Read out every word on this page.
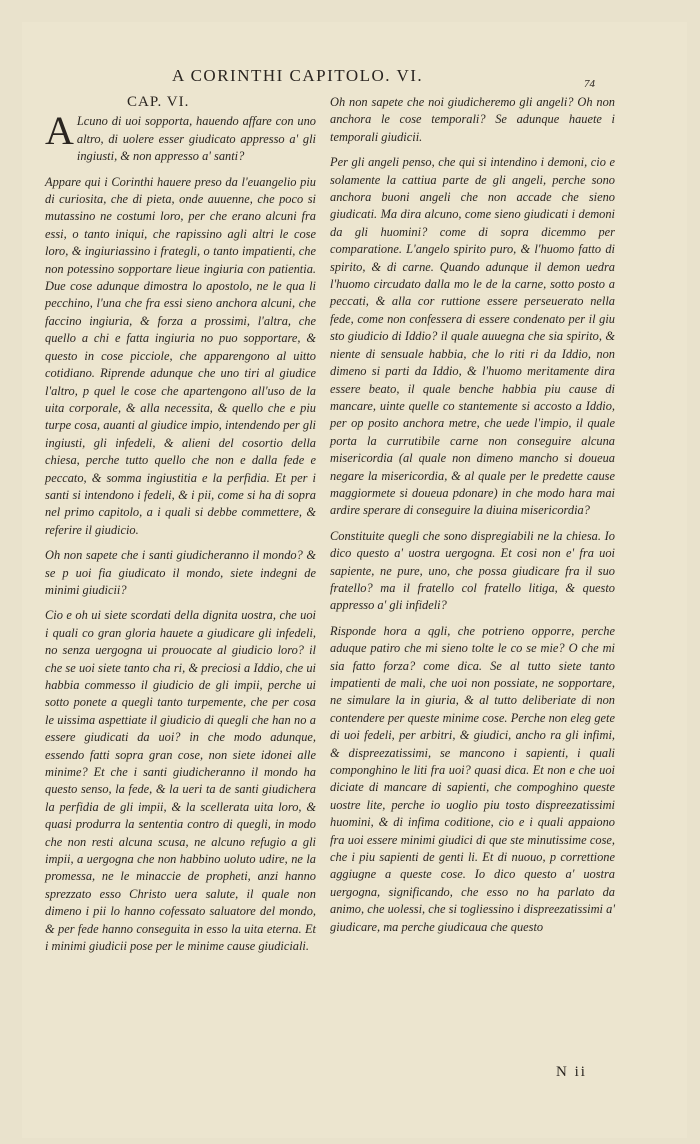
A CORINTHI CAPITOLO. VI.	74
CAP. VI.

A Lcuno di uoi sopporta, hauendo affare con uno altro, di uolere esser giudicato appresso a' gli ingiusti, & non appresso a' santi?

Appare qui i Corinthi hauere preso da l'euangelio piu di curiosita, che di pieta, onde auuenne, che poco si mutassino ne costumi loro, per che erano alcuni fra essi, o tanto iniqui, che rapissino agli altri le cose loro, & ingiuriassino i frategli, o tanto impatienti, che non potessino sopportare lieue ingiuria con patientia. Due cose adunque dimostra lo apostolo, ne le qua li pecchino, l'una che fra essi sieno anchora alcuni, che faccino ingiuria, & forza a prossimi, l'altra, che quello a chi e fatta ingiuria no puo sopportare, & questo in cose picciole, che apparengono al uitto cotidiano. Riprende adunque che uno tiri al giudice l'altro, p quel le cose che apartengono all'uso de la uita corporale, & alla necessita, & quello che e piu turpe cosa, auanti al giudice impio, intendendo per gli ingiusti, gli infedeli, & alieni del cosortio della chiesa, perche tutto quello che non e dalla fede e peccato, & somma ingiustitia e la perfidia. Et per i santi si intendono i fedeli, & i pii, come si ha di sopra nel primo capitolo, a i quali si debbe commettere, & referire il giudicio.

Oh non sapete che i santi giudicheranno il mondo? & se p uoi fia giudicato il mondo, siete indegni de minimi giudicii?

Cio e oh ui siete scordati della dignita uostra, che uoi i quali co gran gloria hauete a giudicare gli infedeli, no senza uergogna ui prouocate al giudicio loro? il che se uoi siete tanto cha ri, & preciosi a Iddio, che ui habbia commesso il giudicio de gli impii, perche ui sotto ponete a quegli tanto turpemente, che per cosa le uissima aspettiate il giudicio di quegli che han no a essere giudicati da uoi? in che modo adunque, essendo fatti sopra gran cose, non siete idonei alle minime? Et che i santi giudicheranno il mondo ha questo senso, la fede, & la ueri ta de santi giudichera la perfidia de gli impii, & la scellerata uita loro, & quasi produrra la sententia contro di quegli, in modo che non resti alcuna scusa, ne alcuno refugio a gli impii, a uergogna che non habbino uoluto udire, ne la promessa, ne le minaccie de propheti, anzi hanno sprezzato esso Christo uera salute, il quale non dimeno i pii lo hanno cofessato saluatore del mondo, & per fede hanno conseguita in esso la uita eterna. Et i minimi giudicii pose per le minime cause giudiciali.

Oh non sapete che noi giudicheremo gli angeli? Oh non anchora le cose temporali? Se adunque hauete i temporali giudicii.

Per gli angeli penso, che qui si intendino i demoni, cio e solamente la cattiua parte de gli angeli, perche sono anchora buoni angeli che non accade che sieno giudicati. Ma dira alcuno, come sieno giudicati i demoni da gli huomini? come di sopra dicemmo per comparatione. L'angelo spirito puro, & l'huomo fatto di spirito, & di carne. Quando adunque il demon uedra l'huomo circudato dalla mo le de la carne, sotto posto a peccati, & alla cor ruttione essere perseuerato nella fede, come non confessera di essere condenato per il giu sto giudicio di Iddio? il quale auuegna che sia spirito, & niente di sensuale habbia, che lo riti ri da Iddio, non dimeno si parti da Iddio, & l'huomo meritamente dira essere beato, il quale benche habbia piu cause di mancare, uinte quelle co stantemente si accosto a Iddio, per op posito anchora metre, che uede l'impio, il quale porta la currutibile carne non conseguire alcuna misericordia (al quale non dimeno mancho si doueua negare la misericordia, & al quale per le predette cause maggiormete si doueua pdonare) in che modo hara mai ardire sperare di conseguire la diuina misericordia?

Constituite quegli che sono dispregiabili ne la chiesa. Io dico questo a' uostra uergogna. Et cosi non e' fra uoi sapiente, ne pure, uno, che possa giudicare fra il suo fratello? ma il fratello col fratello litiga, & questo appresso a' gli infideli?

Risponde hora a qgli, che potrieno opporre, perche aduque patiro che mi sieno tolte le co se mie? O che mi sia fatto forza? come dica. Se al tutto siete tanto impatienti de mali, che uoi non possiate, ne sopportare, ne simulare la in giuria, & al tutto deliberiate di non contendere per queste minime cose. Perche non eleg gete di uoi fedeli, per arbitri, & giudici, ancho ra gli infimi, & dispreezatissimi, se mancono i sapienti, i quali componghino le liti fra uoi? quasi dica. Et non e che uoi diciate di mancare di sapienti, che compoghino queste uostre lite, perche io uoglio piu tosto dispreezatissimi huomini, & di infima coditione, cio e i quali appaiono fra uoi essere minimi giudici di que ste minutissime cose, che i piu sapienti de genti li. Et di nuouo, p correttione aggiugne a queste cose. Io dico questo a' uostra uergogna, significando, che esso no ha parlato da animo, che uolessi, che si togliessino i dispreezatissimi a' giudicare, ma perche giudicaua che questo

N ii
